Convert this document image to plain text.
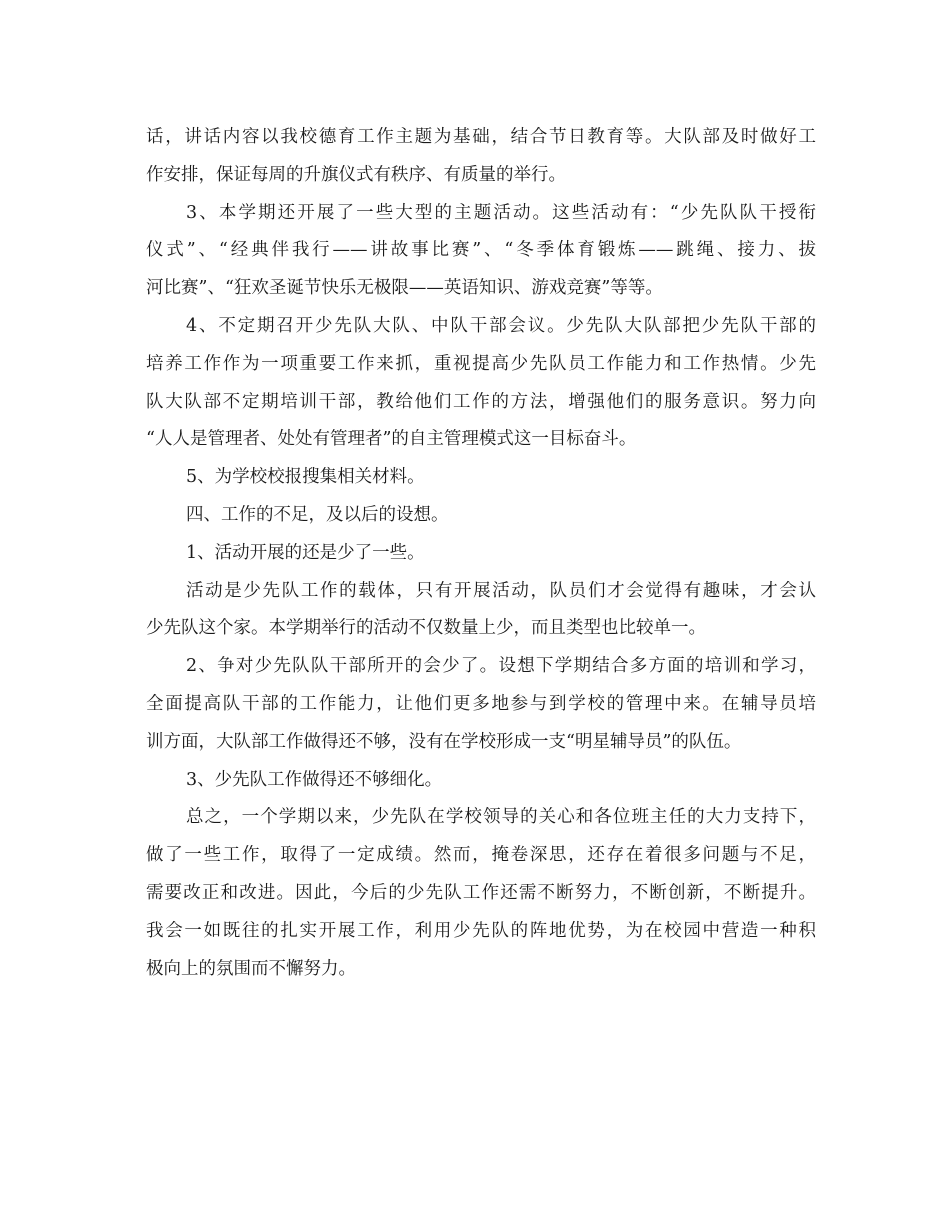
话，讲话内容以我校德育工作主题为基础，结合节日教育等。大队部及时做好工
作安排，保证每周的升旗仪式有秩序、有质量的举行。
3、本学期还开展了一些大型的主题活动。这些活动有：“少先队队干授衔
仪式”、“经典伴我行——讲故事比赛”、“冬季体育锻炼——跳绳、接力、拔
河比赛”、“狂欢圣诞节快乐无极限——英语知识、游戏竞赛”等等。
4、不定期召开少先队大队、中队干部会议。少先队大队部把少先队干部的
培养工作作为一项重要工作来抓，重视提高少先队员工作能力和工作热情。少先
队大队部不定期培训干部，教给他们工作的方法，增强他们的服务意识。努力向
“人人是管理者、处处有管理者”的自主管理模式这一目标奋斗。
5、为学校校报搜集相关材料。
四、工作的不足，及以后的设想。
1、活动开展的还是少了一些。
活动是少先队工作的载体，只有开展活动，队员们才会觉得有趣味，才会认
少先队这个家。本学期举行的活动不仅数量上少，而且类型也比较单一。
2、争对少先队队干部所开的会少了。设想下学期结合多方面的培训和学习，
全面提高队干部的工作能力，让他们更多地参与到学校的管理中来。在辅导员培
训方面，大队部工作做得还不够，没有在学校形成一支“明星辅导员”的队伍。
3、少先队工作做得还不够细化。
总之，一个学期以来，少先队在学校领导的关心和各位班主任的大力支持下，
做了一些工作，取得了一定成绩。然而，掩卷深思，还存在着很多问题与不足，
需要改正和改进。因此，今后的少先队工作还需不断努力，不断创新，不断提升。
我会一如既往的扎实开展工作，利用少先队的阵地优势，为在校园中营造一种积
极向上的氛围而不懈努力。
